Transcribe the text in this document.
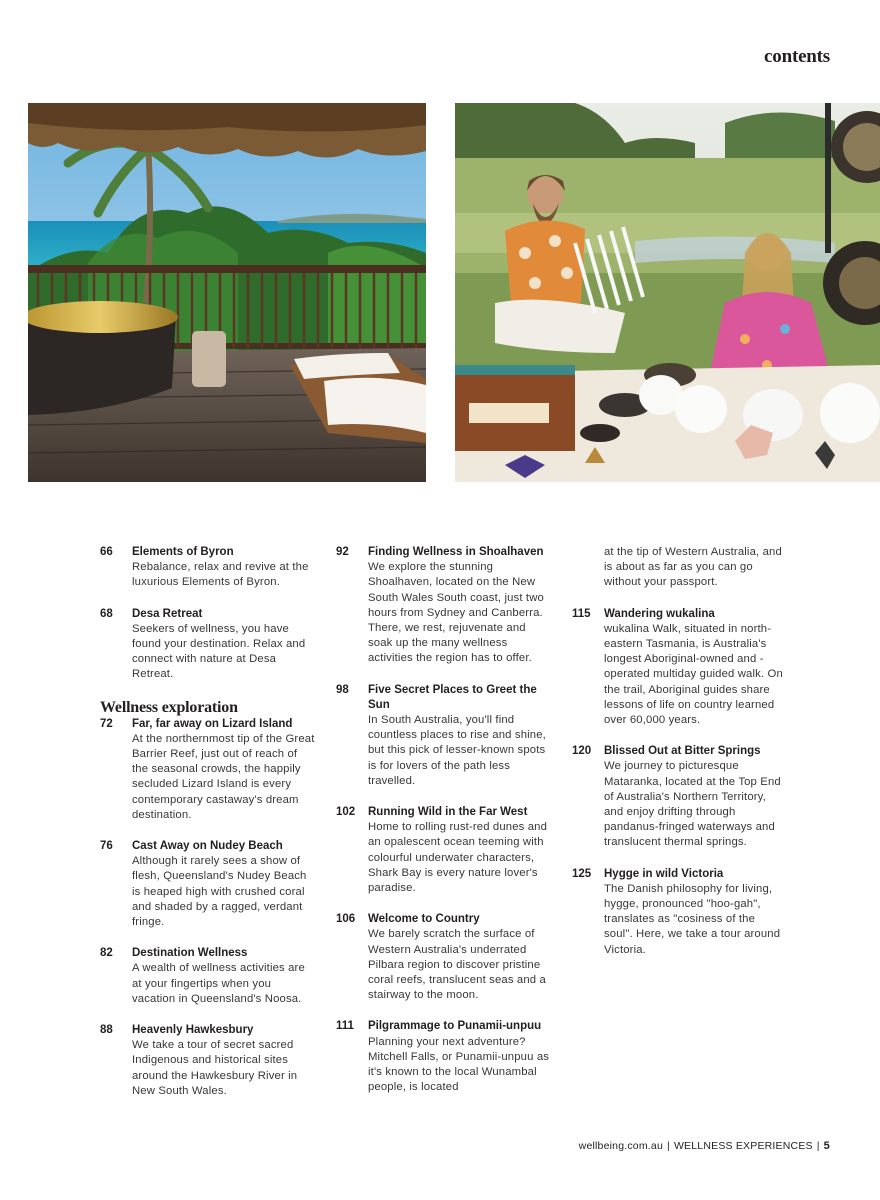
contents
66	Elements of Byron
Rebalance, relax and revive at the luxurious Elements of Byron.
68	Desa Retreat
Seekers of wellness, you have found your destination. Relax and connect with nature at Desa Retreat.
Wellness exploration
72	Far, far away on Lizard Island
At the northernmost tip of the Great Barrier Reef, just out of reach of the seasonal crowds, the happily secluded Lizard Island is every contemporary castaway's dream destination.
76	Cast Away on Nudey Beach
Although it rarely sees a show of flesh, Queensland's Nudey Beach is heaped high with crushed coral and shaded by a ragged, verdant fringe.
82	Destination Wellness
A wealth of wellness activities are at your fingertips when you vacation in Queensland's Noosa.
88	Heavenly Hawkesbury
We take a tour of secret sacred Indigenous and historical sites around the Hawkesbury River in New South Wales.
92	Finding Wellness in Shoalhaven
We explore the stunning Shoalhaven, located on the New South Wales South coast, just two hours from Sydney and Canberra. There, we rest, rejuvenate and soak up the many wellness activities the region has to offer.
98	Five Secret Places to Greet the Sun
In South Australia, you'll find countless places to rise and shine, but this pick of lesser-known spots is for lovers of the path less travelled.
102	Running Wild in the Far West
Home to rolling rust-red dunes and an opalescent ocean teeming with colourful underwater characters, Shark Bay is every nature lover's paradise.
106	Welcome to Country
We barely scratch the surface of Western Australia's underrated Pilbara region to discover pristine coral reefs, translucent seas and a stairway to the moon.
111	Pilgrammage to Punamii-unpuu
Planning your next adventure? Mitchell Falls, or Punamii-unpuu as it's known to the local Wunambal people, is located
at the tip of Western Australia, and is about as far as you can go without your passport.
115	Wandering wukalina
wukalina Walk, situated in north-eastern Tasmania, is Australia's longest Aboriginal-owned and -operated multiday guided walk. On the trail, Aboriginal guides share lessons of life on country learned over 60,000 years.
120	Blissed Out at Bitter Springs
We journey to picturesque Mataranka, located at the Top End of Australia's Northern Territory, and enjoy drifting through pandanus-fringed waterways and translucent thermal springs.
125	Hygge in wild Victoria
The Danish philosophy for living, hygge, pronounced "hoo-gah", translates as "cosiness of the soul". Here, we take a tour around Victoria.
wellbeing.com.au | WELLNESS EXPERIENCES | 5
